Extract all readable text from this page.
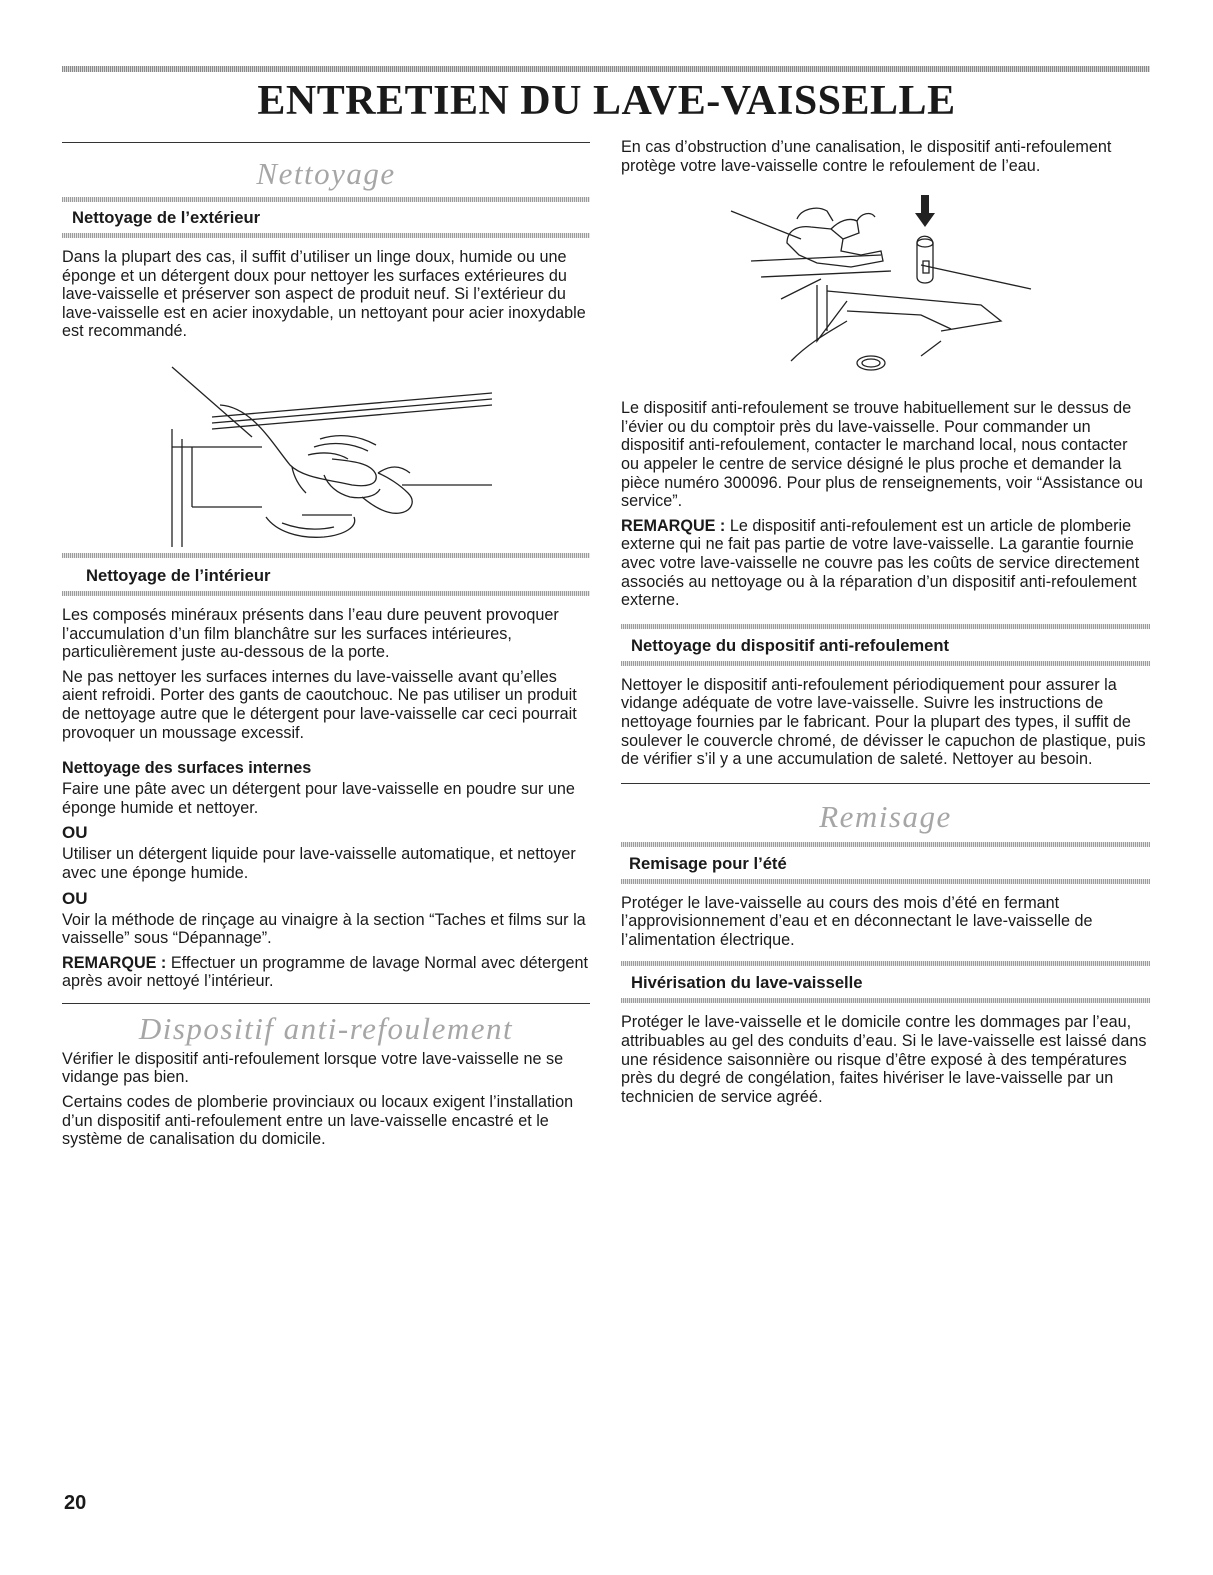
ENTRETIEN DU LAVE-VAISSELLE
Nettoyage
Nettoyage de l’extérieur

Dans la plupart des cas, il suffit d’utiliser un linge doux, humide ou une éponge et un détergent doux pour nettoyer les surfaces extérieures du lave-vaisselle et préserver son aspect de produit neuf. Si l’extérieur du lave-vaisselle est en acier inoxydable, un nettoyant pour acier inoxydable est recommandé.

Nettoyage de l’intérieur

Les composés minéraux présents dans l’eau dure peuvent provoquer l’accumulation d’un film blanchâtre sur les surfaces intérieures, particulièrement juste au-dessous de la porte.

Ne pas nettoyer les surfaces internes du lave-vaisselle avant qu’elles aient refroidi. Porter des gants de caoutchouc. Ne pas utiliser un produit de nettoyage autre que le détergent pour lave-vaisselle car ceci pourrait provoquer un moussage excessif.

Nettoyage des surfaces internes

Faire une pâte avec un détergent pour lave-vaisselle en poudre sur une éponge humide et nettoyer.

OU

Utiliser un détergent liquide pour lave-vaisselle automatique, et nettoyer avec une éponge humide.

OU

Voir la méthode de rinçage au vinaigre à la section “Taches et films sur la vaisselle” sous “Dépannage”.

REMARQUE : Effectuer un programme de lavage Normal avec détergent après avoir nettoyé l’intérieur.

Dispositif anti-refoulement

Vérifier le dispositif anti-refoulement lorsque votre lave-vaisselle ne se vidange pas bien.

Certains codes de plomberie provinciaux ou locaux exigent l’installation d’un dispositif anti-refoulement entre un lave-vaisselle encastré et le système de canalisation du domicile.

En cas d’obstruction d’une canalisation, le dispositif anti-refoulement protège votre lave-vaisselle contre le refoulement de l’eau.

Le dispositif anti-refoulement se trouve habituellement sur le dessus de l’évier ou du comptoir près du lave-vaisselle. Pour commander un dispositif anti-refoulement, contacter le marchand local, nous contacter ou appeler le centre de service désigné le plus proche et demander la pièce numéro 300096. Pour plus de renseignements, voir “Assistance ou service”.

REMARQUE : Le dispositif anti-refoulement est un article de plomberie externe qui ne fait pas partie de votre lave-vaisselle. La garantie fournie avec votre lave-vaisselle ne couvre pas les coûts de service directement associés au nettoyage ou à la réparation d’un dispositif anti-refoulement externe.

Nettoyage du dispositif anti-refoulement

Nettoyer le dispositif anti-refoulement périodiquement pour assurer la vidange adéquate de votre lave-vaisselle. Suivre les instructions de nettoyage fournies par le fabricant. Pour la plupart des types, il suffit de soulever le couvercle chromé, de dévisser le capuchon de plastique, puis de vérifier s’il y a une accumulation de saleté. Nettoyer au besoin.

Remisage
Remisage pour l’été

Protéger le lave-vaisselle au cours des mois d’été en fermant l’approvisionnement d’eau et en déconnectant le lave-vaisselle de l’alimentation électrique.

Hivérisation du lave-vaisselle

Protéger le lave-vaisselle et le domicile contre les dommages par l’eau, attribuables au gel des conduits d’eau. Si le lave-vaisselle est laissé dans une résidence saisonnière ou risque d’être exposé à des températures près du degré de congélation, faites hivériser le lave-vaisselle par un technicien de service agréé.

20
